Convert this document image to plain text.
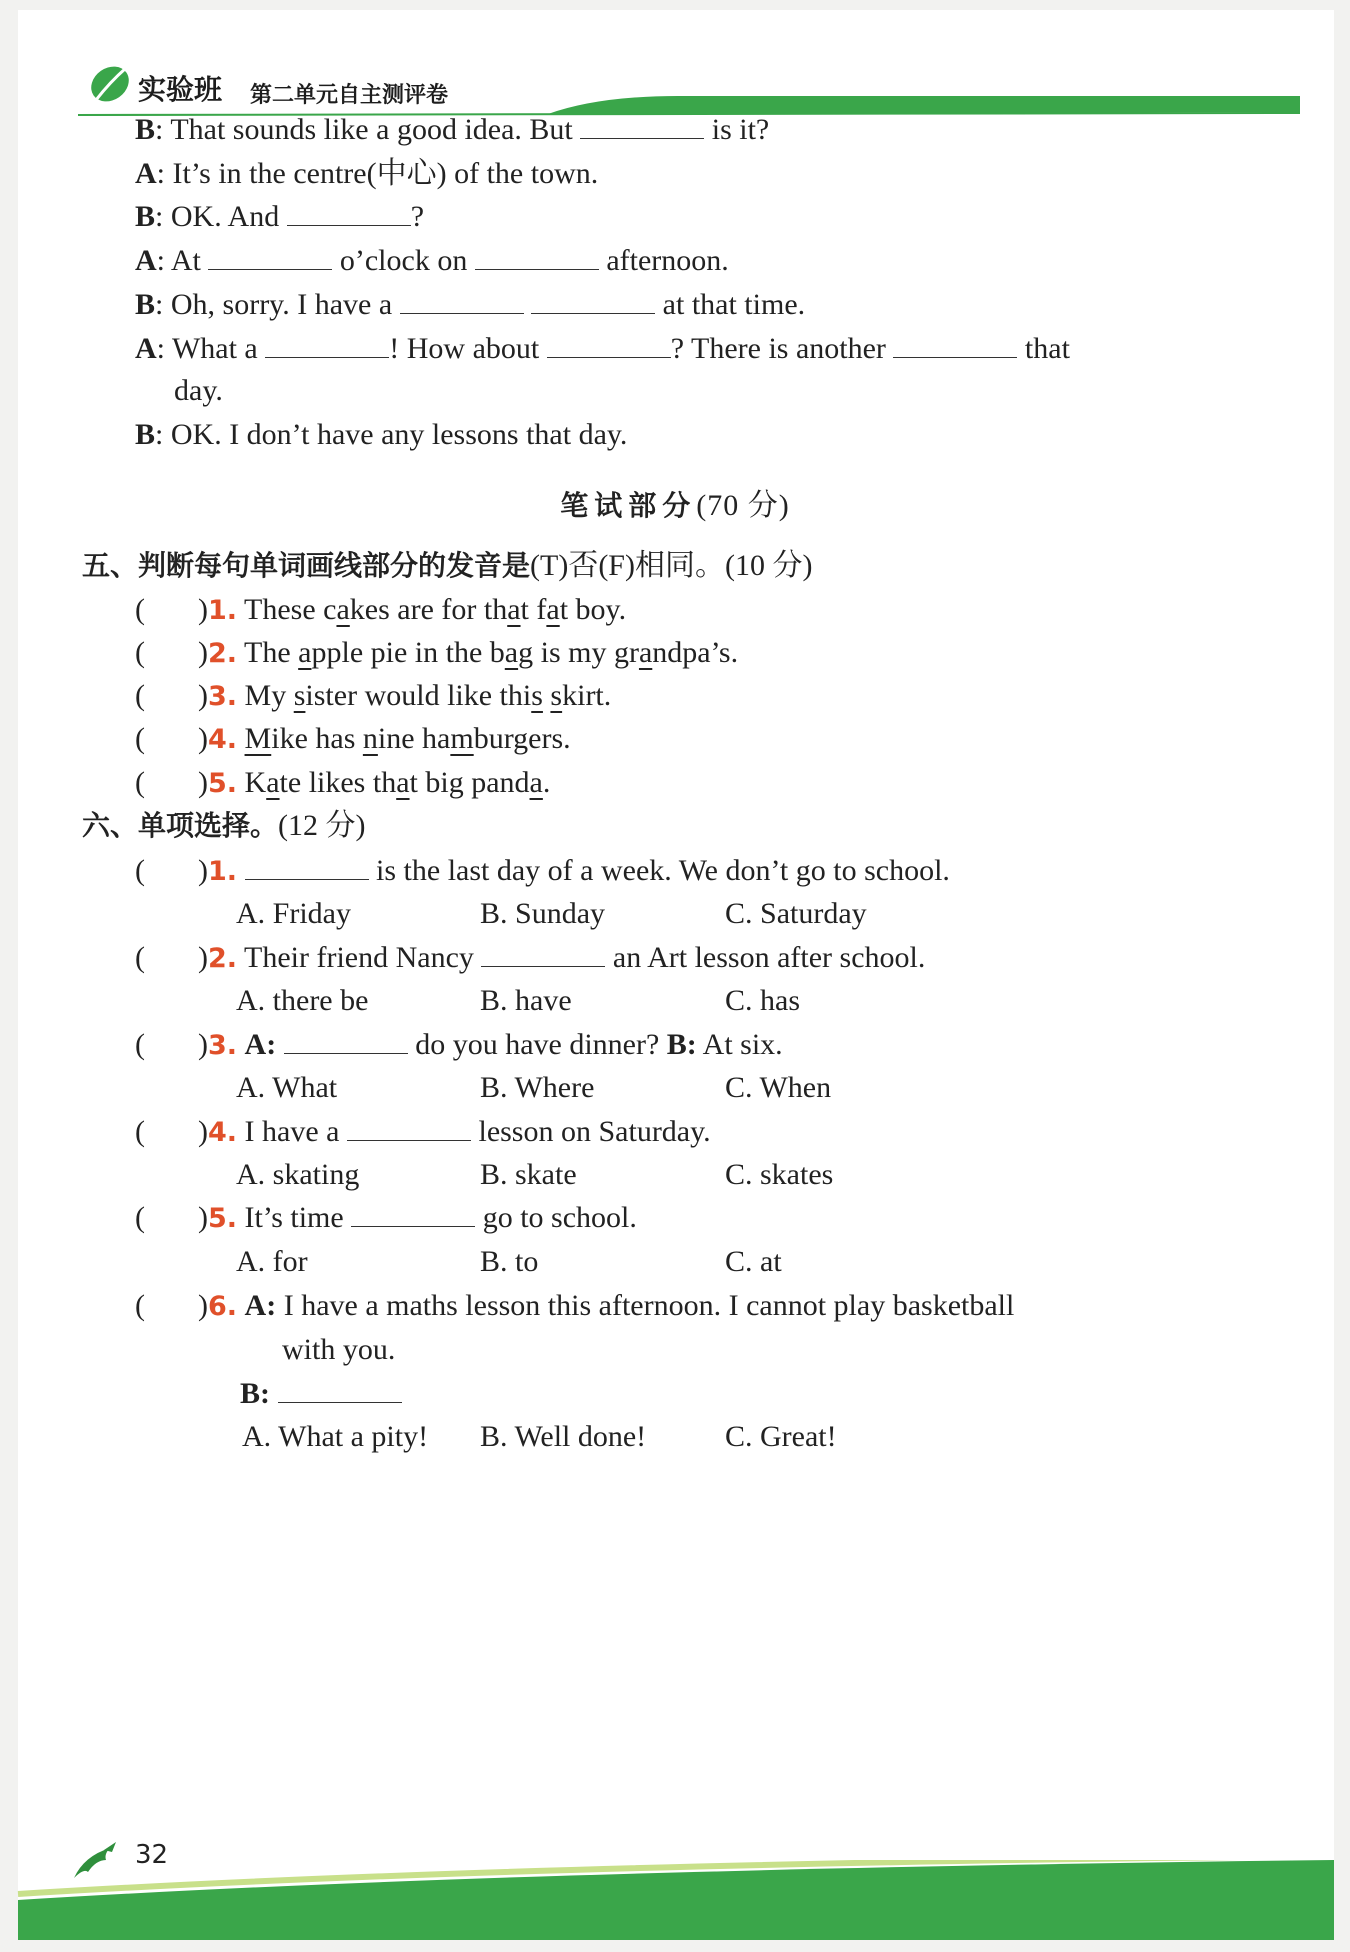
实验班 第二单元自主测评卷
B: That sounds like a good idea. But	is it?
A: It’s in the centre(中心) of the town.
B: OK. And	?
A: At	o’clock on	afternoon.
B: Oh, sorry. I have a	at that time.
A: What a	! How about	? There is another	that
day.
B: OK. I don’t have any lessons that day.
笔试部分(70 分)
五、判断每句单词画线部分的发音是(T)否(F)相同。(10 分)
( )1. These cakes are for that fat boy.
( )2. The apple pie in the bag is my grandpa’s.
( )3. My sister would like this skirt.
( )4. Mike has nine hamburgers.
( )5. Kate likes that big panda.
六、单项选择。(12 分)
( )1.	is the last day of a week. We don’t go to school.
A. Friday	B. Sunday	C. Saturday
( )2. Their friend Nancy	an Art lesson after school.
A. there be	B. have	C. has
( )3. A:	do you have dinner? B: At six.
A. What	B. Where	C. When
( )4. I have a	lesson on Saturday.
A. skating	B. skate	C. skates
( )5. It’s time	go to school.
A. for	B. to	C. at
( )6. A: I have a maths lesson this afternoon. I cannot play basketball
with you.
B:
A. What a pity! B. Well done!	C. Great!
32
